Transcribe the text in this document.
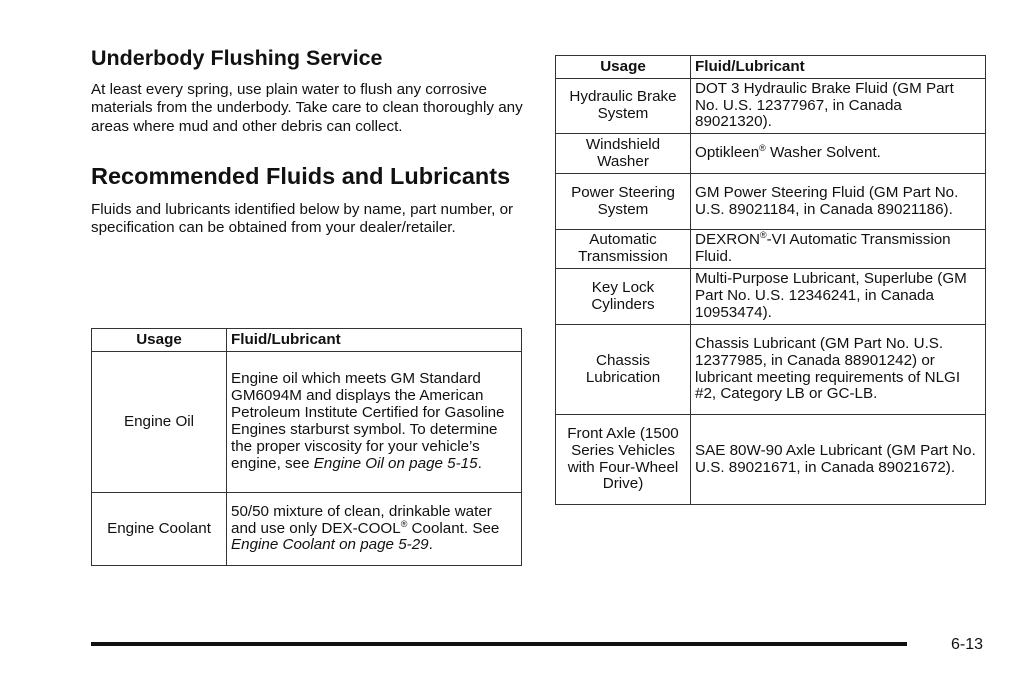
Underbody Flushing Service

At least every spring, use plain water to flush any corrosive materials from the underbody. Take care to clean thoroughly any areas where mud and other debris can collect.

Recommended Fluids and Lubricants

Fluids and lubricants identified below by name, part number, or specification can be obtained from your dealer/retailer.

Usage	Fluid/Lubricant
Engine Oil	Engine oil which meets GM Standard GM6094M and displays the American Petroleum Institute Certified for Gasoline Engines starburst symbol. To determine the proper viscosity for your vehicle’s engine, see Engine Oil on page 5-15.
Engine Coolant	50/50 mixture of clean, drinkable water and use only DEX-COOL® Coolant. See Engine Coolant on page 5-29.
Usage	Fluid/Lubricant
Hydraulic Brake System	DOT 3 Hydraulic Brake Fluid (GM Part No. U.S. 12377967, in Canada 89021320).
Windshield Washer	Optikleen® Washer Solvent.
Power Steering System	GM Power Steering Fluid (GM Part No. U.S. 89021184, in Canada 89021186).
Automatic Transmission	DEXRON®-VI Automatic Transmission Fluid.
Key Lock Cylinders	Multi-Purpose Lubricant, Superlube (GM Part No. U.S. 12346241, in Canada 10953474).
Chassis Lubrication	Chassis Lubricant (GM Part No. U.S. 12377985, in Canada 88901242) or lubricant meeting requirements of NLGI #2, Category LB or GC-LB.
Front Axle (1500 Series Vehicles with Four-Wheel Drive)	SAE 80W-90 Axle Lubricant (GM Part No. U.S. 89021671, in Canada 89021672).
6-13
